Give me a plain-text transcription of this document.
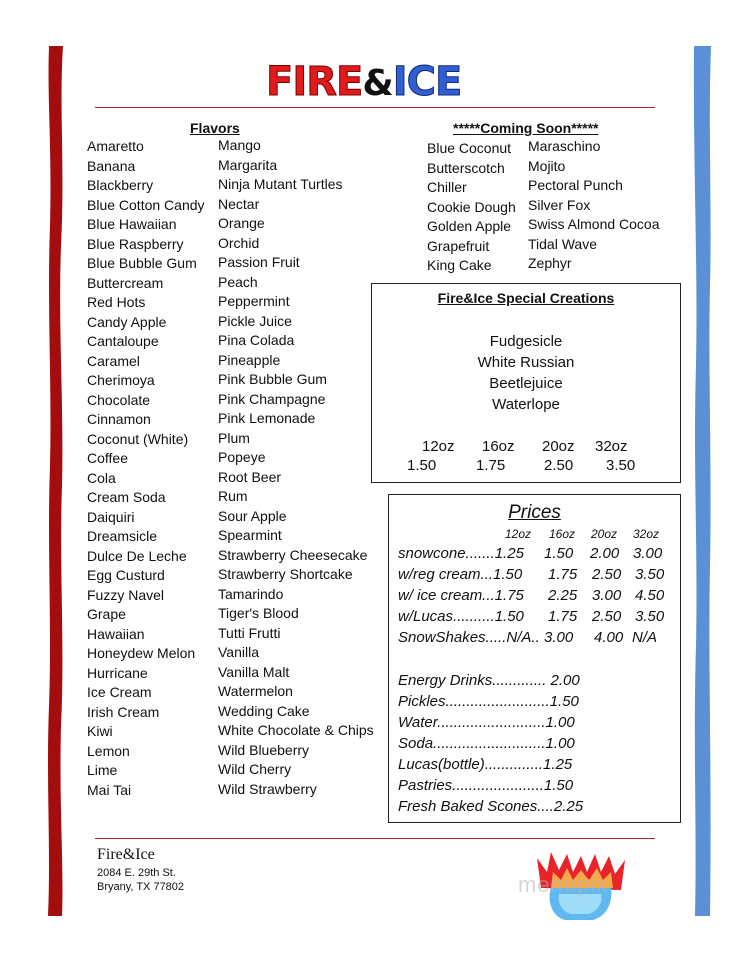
FIRE&ICE
Flavors
Amaretto
Banana
Blackberry
Blue Cotton Candy
Blue Hawaiian
Blue Raspberry
Blue Bubble Gum
Buttercream
Red Hots
Candy Apple
Cantaloupe
Caramel
Cherimoya
Chocolate
Cinnamon
Coconut (White)
Coffee
Cola
Cream Soda
Daiquiri
Dreamsicle
Dulce De Leche
Egg Custurd
Fuzzy Navel
Grape
Hawaiian
Honeydew Melon
Hurricane
Ice Cream
Irish Cream
Kiwi
Lemon
Lime
Mai Tai
Mango
Margarita
Ninja Mutant Turtles
Nectar
Orange
Orchid
Passion Fruit
Peach
Peppermint
Pickle Juice
Pina Colada
Pineapple
Pink Bubble Gum
Pink Champagne
Pink Lemonade
Plum
Popeye
Root Beer
Rum
Sour Apple
Spearmint
Strawberry Cheesecake
Strawberry Shortcake
Tamarindo
Tiger's Blood
Tutti Frutti
Vanilla
Vanilla Malt
Watermelon
Wedding Cake
White Chocolate & Chips
Wild Blueberry
Wild Cherry
Wild Strawberry
*****Coming Soon*****
Blue Coconut
Butterscotch
Chiller
Cookie Dough
Golden Apple
Grapefruit
King Cake
Maraschino
Mojito
Pectoral Punch
Silver Fox
Swiss Almond Cocoa
Tidal Wave
Zephyr
Fire&Ice Special Creations
Fudgesicle
White Russian
Beetlejuice
Waterlope
12oz 16oz 20oz 32oz
1.50	1.75	2.50 3.50
Prices
12oz 16oz 20oz 32oz
snowcone.......1.25 1.50 2.00 3.00
w/reg cream...1.50 1.75 2.50 3.50
w/ ice cream...1.75 2.25 3.00 4.50
w/Lucas..........1.50 1.75 2.50 3.50
SnowShakes.....N/A.. 3.00 4.00 N/A
Energy Drinks............. 2.00
Pickles.........................1.50
Water..........................1.00
Soda...........................1.00
Lucas(bottle)..............1.25
Pastries......................1.50
Fresh Baked Scones....2.25
Fire&Ice
2084 E. 29th St.
Bryany, TX 77802	menupix
